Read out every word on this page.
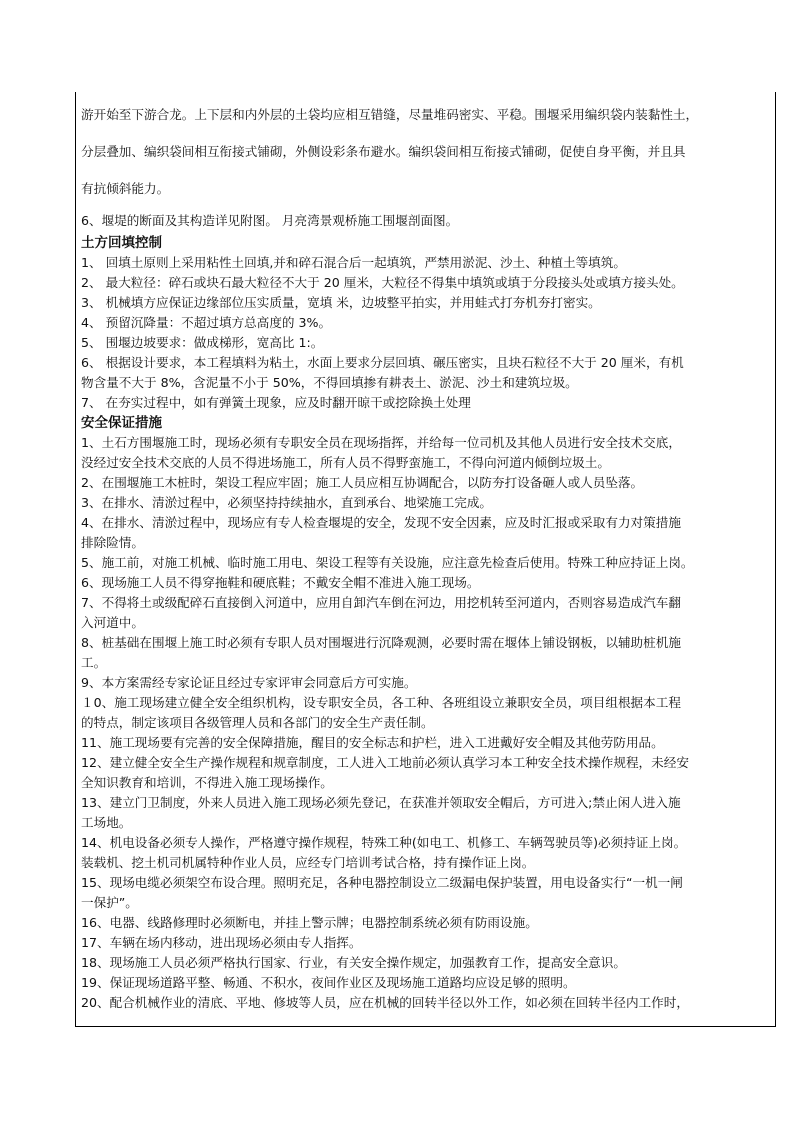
游开始至下游合龙。上下层和内外层的土袋均应相互错缝，尽量堆码密实、平稳。围堰采用编织袋内装黏性土，

分层叠加、编织袋间相互衔接式铺砌，外侧设彩条布避水。编织袋间相互衔接式铺砌，促使自身平衡，并且具

有抗倾斜能力。

6、堰堤的断面及其构造详见附图。 月亮湾景观桥施工围堰剖面图。

土方回填控制

1、 回填土原则上采用粘性土回填,并和碎石混合后一起填筑，严禁用淤泥、沙土、种植土等填筑。

2、 最大粒径：碎石或块石最大粒径不大于 20 厘米，大粒径不得集中填筑或填于分段接头处或填方接头处。

3、 机械填方应保证边缘部位压实质量，宽填 米，边坡整平拍实，并用蛙式打夯机夯打密实。

4、 预留沉降量：不超过填方总高度的 3%。

5、 围堰边坡要求：做成梯形，宽高比 1:。

6、 根据设计要求，本工程填料为粘土，水面上要求分层回填、碾压密实，且块石粒径不大于 20 厘米，有机

物含量不大于 8%，含泥量不小于 50%，不得回填掺有耕表土、淤泥、沙土和建筑垃圾。

7、 在夯实过程中，如有弹簧土现象，应及时翻开晾干或挖除换土处理

安全保证措施

1、土石方围堰施工时，现场必须有专职安全员在现场指挥，并给每一位司机及其他人员进行安全技术交底，

没经过安全技术交底的人员不得进场施工，所有人员不得野蛮施工，不得向河道内倾倒垃圾土。

2、在围堰施工木桩时，架设工程应牢固；施工人员应相互协调配合，以防夯打设备砸人或人员坠落。

3、在排水、清淤过程中，必须坚持持续抽水，直到承台、地梁施工完成。

4、在排水、清淤过程中，现场应有专人检查堰堤的安全，发现不安全因素，应及时汇报或采取有力对策措施

排除险情。

5、施工前，对施工机械、临时施工用电、架设工程等有关设施，应注意先检查后使用。特殊工种应持证上岗。

6、现场施工人员不得穿拖鞋和硬底鞋；不戴安全帽不准进入施工现场。

7、不得将土或级配碎石直接倒入河道中，应用自卸汽车倒在河边，用挖机转至河道内，否则容易造成汽车翻

入河道中。

8、桩基础在围堰上施工时必须有专职人员对围堰进行沉降观测，必要时需在堰体上铺设钢板，以辅助桩机施

工。

9、本方案需经专家论证且经过专家评审会同意后方可实施。

１0、施工现场建立健全安全组织机构，设专职安全员，各工种、各班组设立兼职安全员，项目组根据本工程

的特点，制定该项目各级管理人员和各部门的安全生产责任制。

11、施工现场要有完善的安全保障措施，醒目的安全标志和护栏，进入工进戴好安全帽及其他劳防用品。

12、建立健全安全生产操作规程和规章制度，工人进入工地前必须认真学习本工种安全技术操作规程，未经安

全知识教育和培训，不得进入施工现场操作。

13、建立门卫制度，外来人员进入施工现场必须先登记，在获准并领取安全帽后，方可进入;禁止闲人进入施

工场地。

14、机电设备必须专人操作，严格遵守操作规程，特殊工种(如电工、机修工、车辆驾驶员等)必须持证上岗。

装载机、挖土机司机属特种作业人员，应经专门培训考试合格，持有操作证上岗。

15、现场电缆必须架空布设合理。照明充足，各种电器控制设立二级漏电保护装置，用电设备实行“一机一闸

一保护”。

16、电器、线路修理时必须断电，并挂上警示牌；电器控制系统必须有防雨设施。

17、车辆在场内移动，进出现场必须由专人指挥。

18、现场施工人员必须严格执行国家、行业，有关安全操作规定，加强教育工作，提高安全意识。

19、保证现场道路平整、畅通、不积水，夜间作业区及现场施工道路均应设足够的照明。

20、配合机械作业的清底、平地、修坡等人员，应在机械的回转半径以外工作，如必须在回转半径内工作时，
